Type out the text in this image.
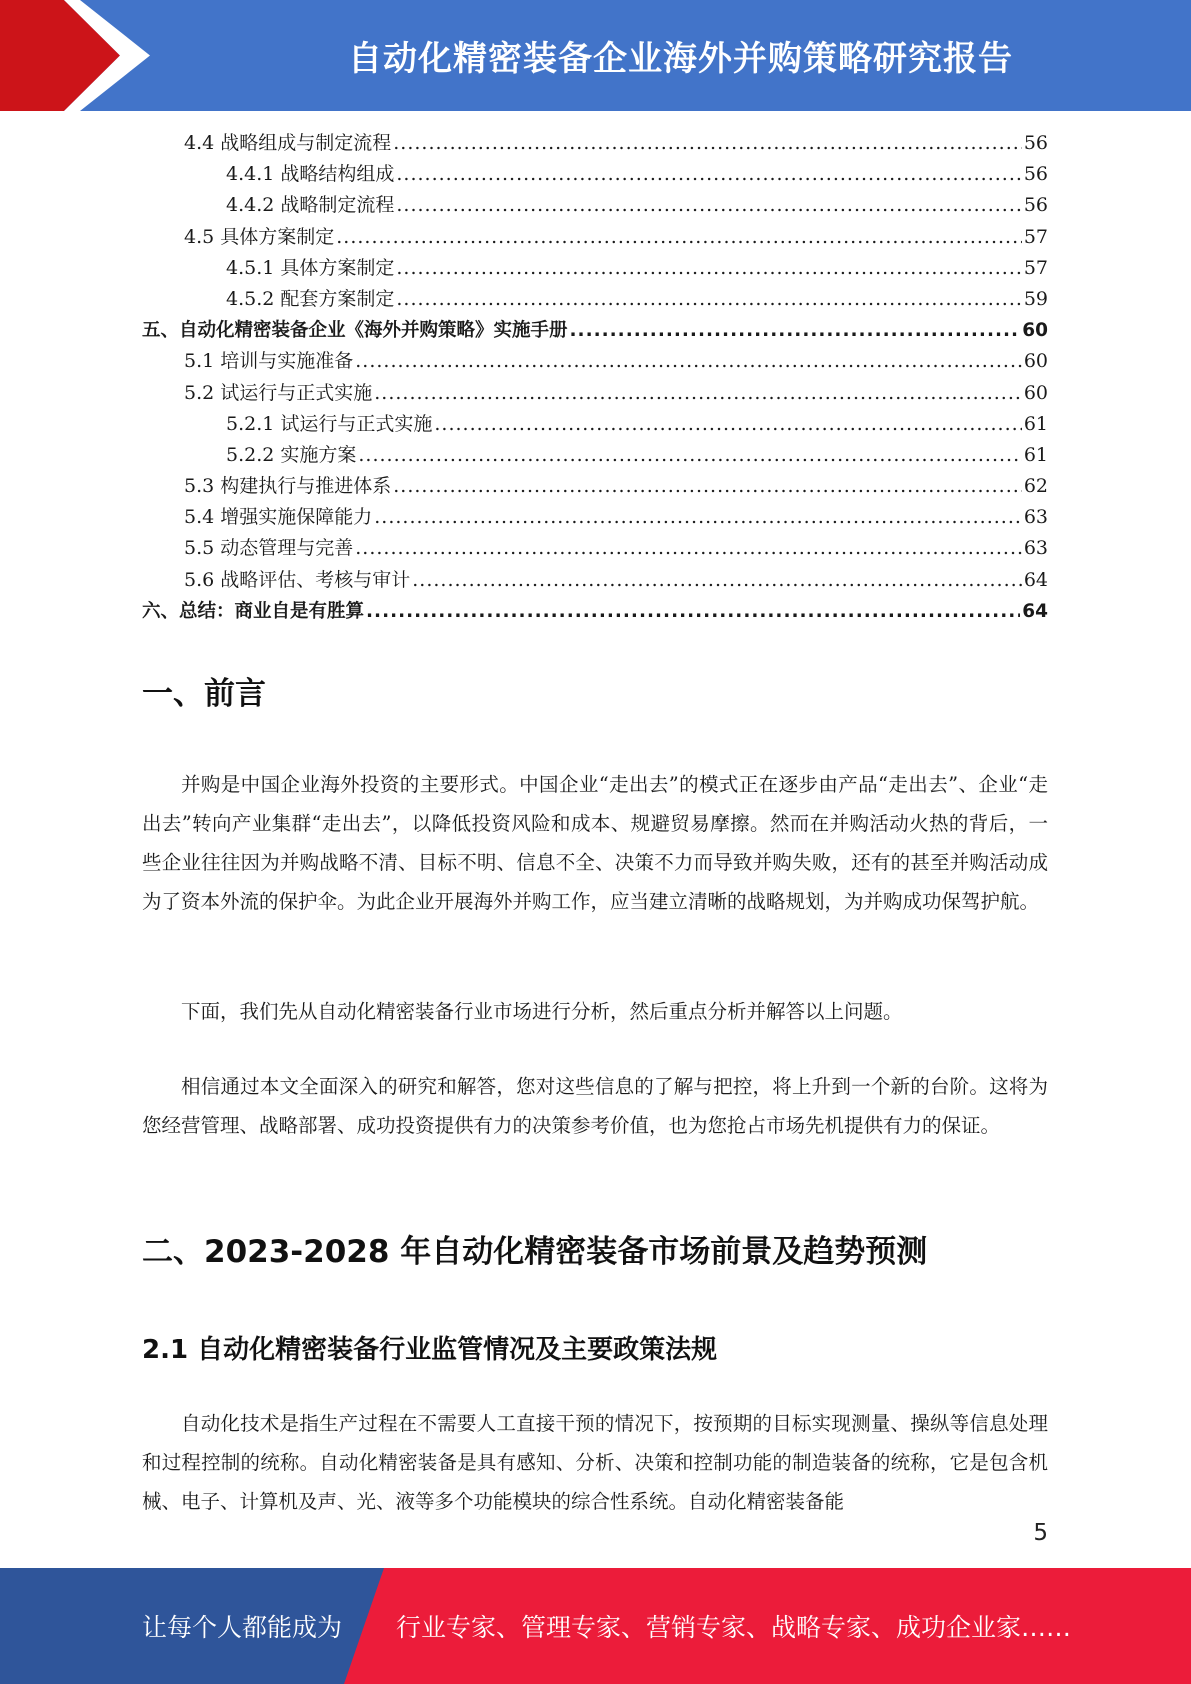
自动化精密装备企业海外并购策略研究报告
4.4 战略组成与制定流程 .....	56
4.4.1 战略结构组成 .....	56
4.4.2 战略制定流程 .....	56
4.5 具体方案制定 .....	57
4.5.1 具体方案制定 .....	57
4.5.2 配套方案制定 .....	59
五、自动化精密装备企业《海外并购策略》实施手册 .....	60
5.1 培训与实施准备 .....	60
5.2 试运行与正式实施 .....	60
5.2.1 试运行与正式实施 .....	61
5.2.2 实施方案 .....	61
5.3 构建执行与推进体系 .....	62
5.4 增强实施保障能力 .....	63
5.5 动态管理与完善 .....	63
5.6 战略评估、考核与审计 .....	64
六、总结：商业自是有胜算 .....	64
一、前言
并购是中国企业海外投资的主要形式。中国企业“走出去”的模式正在逐步由产品“走出去”、企业“走出去”转向产业集群“走出去”，以降低投资风险和成本、规避贸易摩擦。然而在并购活动火热的背后，一些企业往往因为并购战略不清、目标不明、信息不全、决策不力而导致并购失败，还有的甚至并购活动成为了资本外流的保护伞。为此企业开展海外并购工作，应当建立清晰的战略规划，为并购成功保驾护航。
下面，我们先从自动化精密装备行业市场进行分析，然后重点分析并解答以上问题。
相信通过本文全面深入的研究和解答，您对这些信息的了解与把控，将上升到一个新的台阶。这将为您经营管理、战略部署、成功投资提供有力的决策参考价值，也为您抢占市场先机提供有力的保证。
二、2023-2028 年自动化精密装备市场前景及趋势预测
2.1 自动化精密装备行业监管情况及主要政策法规
自动化技术是指生产过程在不需要人工直接干预的情况下，按预期的目标实现测量、操纵等信息处理和过程控制的统称。自动化精密装备是具有感知、分析、决策和控制功能的制造装备的统称，它是包含机械、电子、计算机及声、光、液等多个功能模块的综合性系统。自动化精密装备能
5
让每个人都能成为 行业专家、管理专家、营销专家、战略专家、成功企业家……
